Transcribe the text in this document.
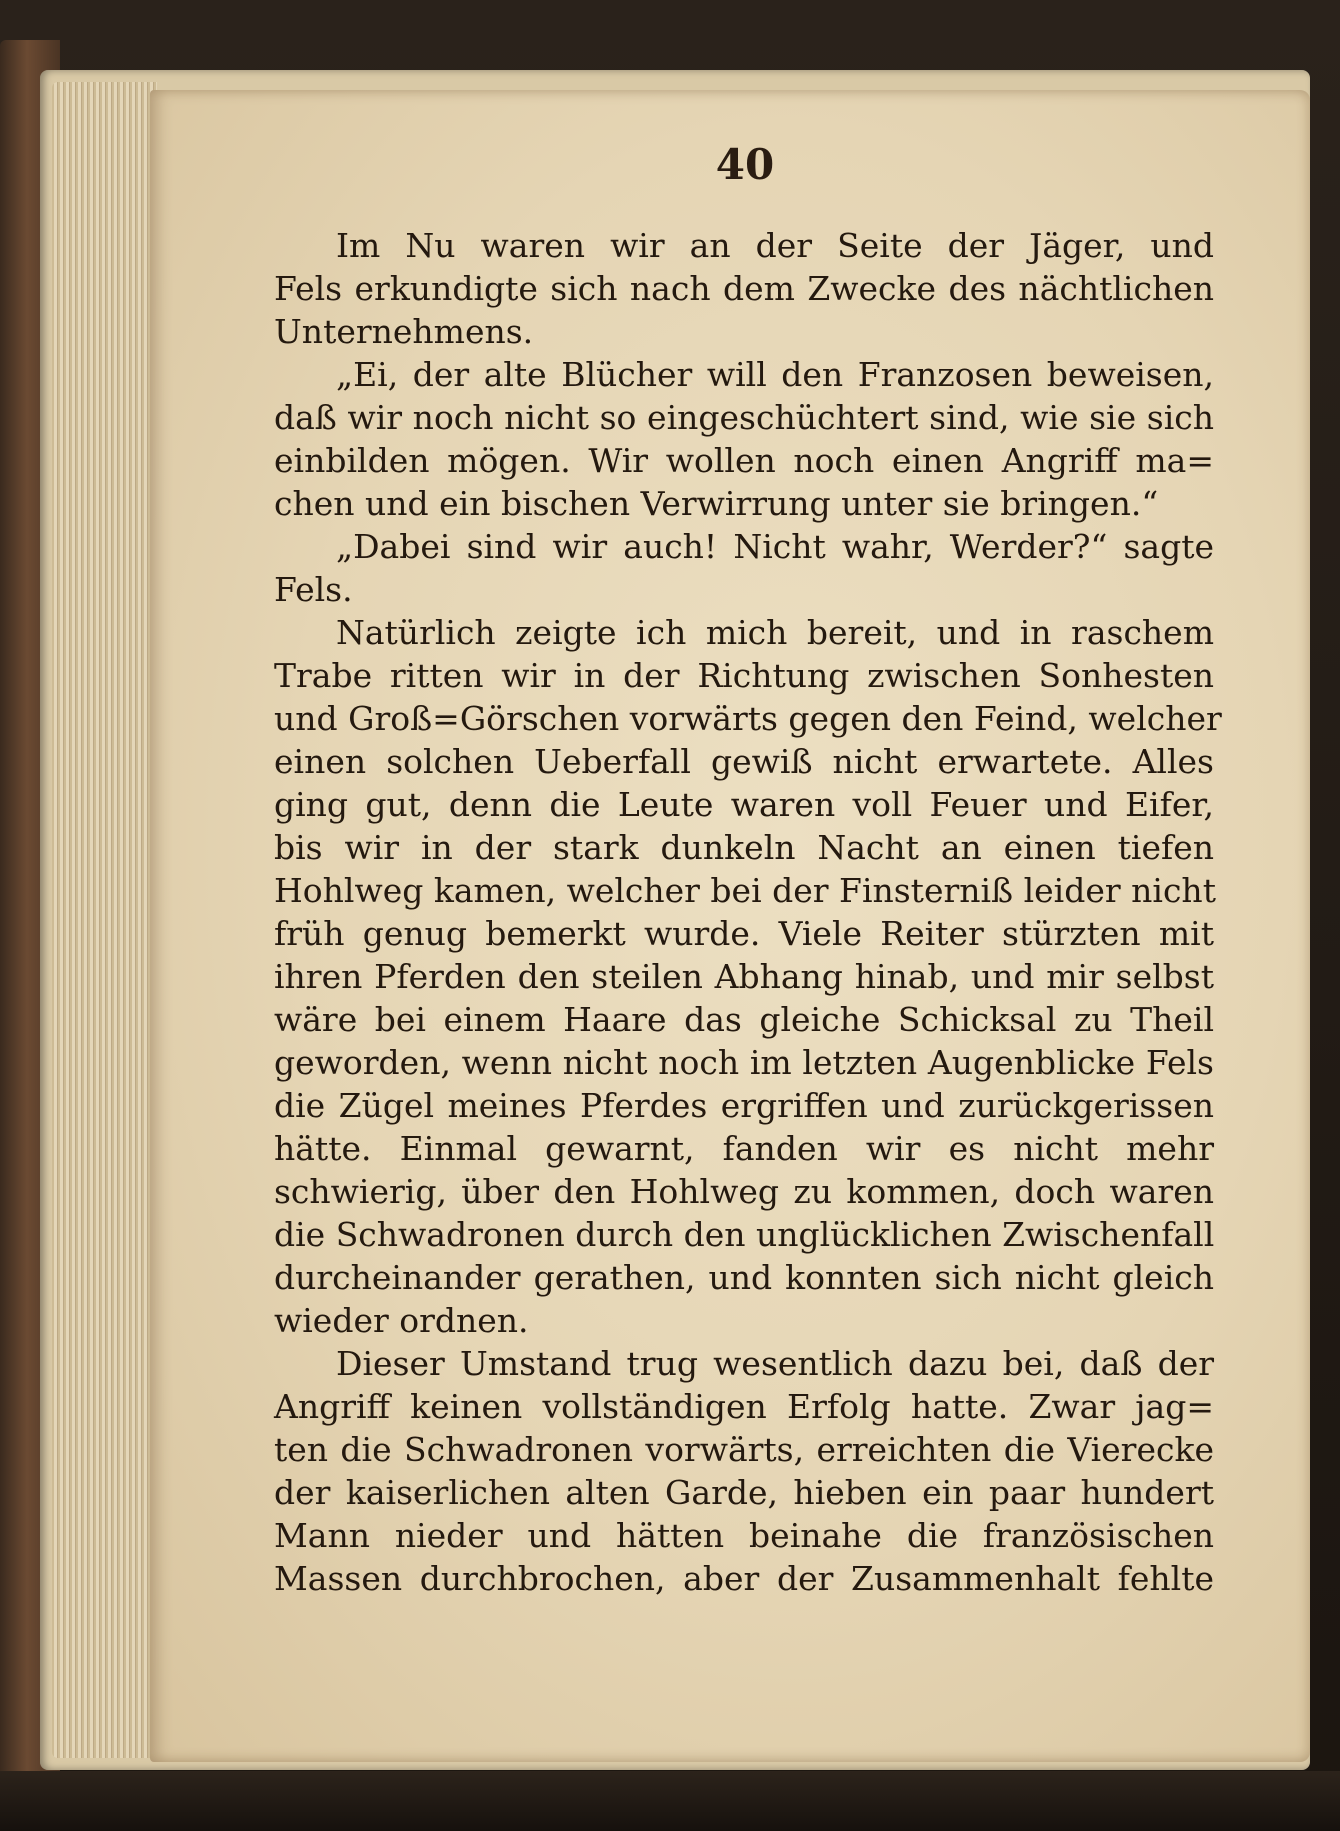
40

Im Nu waren wir an der Seite der Jäger, und
Fels erkundigte sich nach dem Zwecke des nächtlichen
Unternehmens.

„Ei, der alte Blücher will den Franzosen beweisen,
daß wir noch nicht so eingeschüchtert sind, wie sie sich
einbilden mögen. Wir wollen noch einen Angriff ma=
chen und ein bischen Verwirrung unter sie bringen.“

„Dabei sind wir auch! Nicht wahr, Werder?“ sagte
Fels.

Natürlich zeigte ich mich bereit, und in raschem
Trabe ritten wir in der Richtung zwischen Sonhesten
und Groß=Görschen vorwärts gegen den Feind, welcher
einen solchen Ueberfall gewiß nicht erwartete. Alles
ging gut, denn die Leute waren voll Feuer und Eifer,
bis wir in der stark dunkeln Nacht an einen tiefen
Hohlweg kamen, welcher bei der Finsterniß leider nicht
früh genug bemerkt wurde. Viele Reiter stürzten mit
ihren Pferden den steilen Abhang hinab, und mir selbst
wäre bei einem Haare das gleiche Schicksal zu Theil
geworden, wenn nicht noch im letzten Augenblicke Fels
die Zügel meines Pferdes ergriffen und zurückgerissen
hätte. Einmal gewarnt, fanden wir es nicht mehr
schwierig, über den Hohlweg zu kommen, doch waren
die Schwadronen durch den unglücklichen Zwischenfall
durcheinander gerathen, und konnten sich nicht gleich
wieder ordnen.

Dieser Umstand trug wesentlich dazu bei, daß der
Angriff keinen vollständigen Erfolg hatte. Zwar jag=
ten die Schwadronen vorwärts, erreichten die Vierecke
der kaiserlichen alten Garde, hieben ein paar hundert
Mann nieder und hätten beinahe die französischen
Massen durchbrochen, aber der Zusammenhalt fehlte
